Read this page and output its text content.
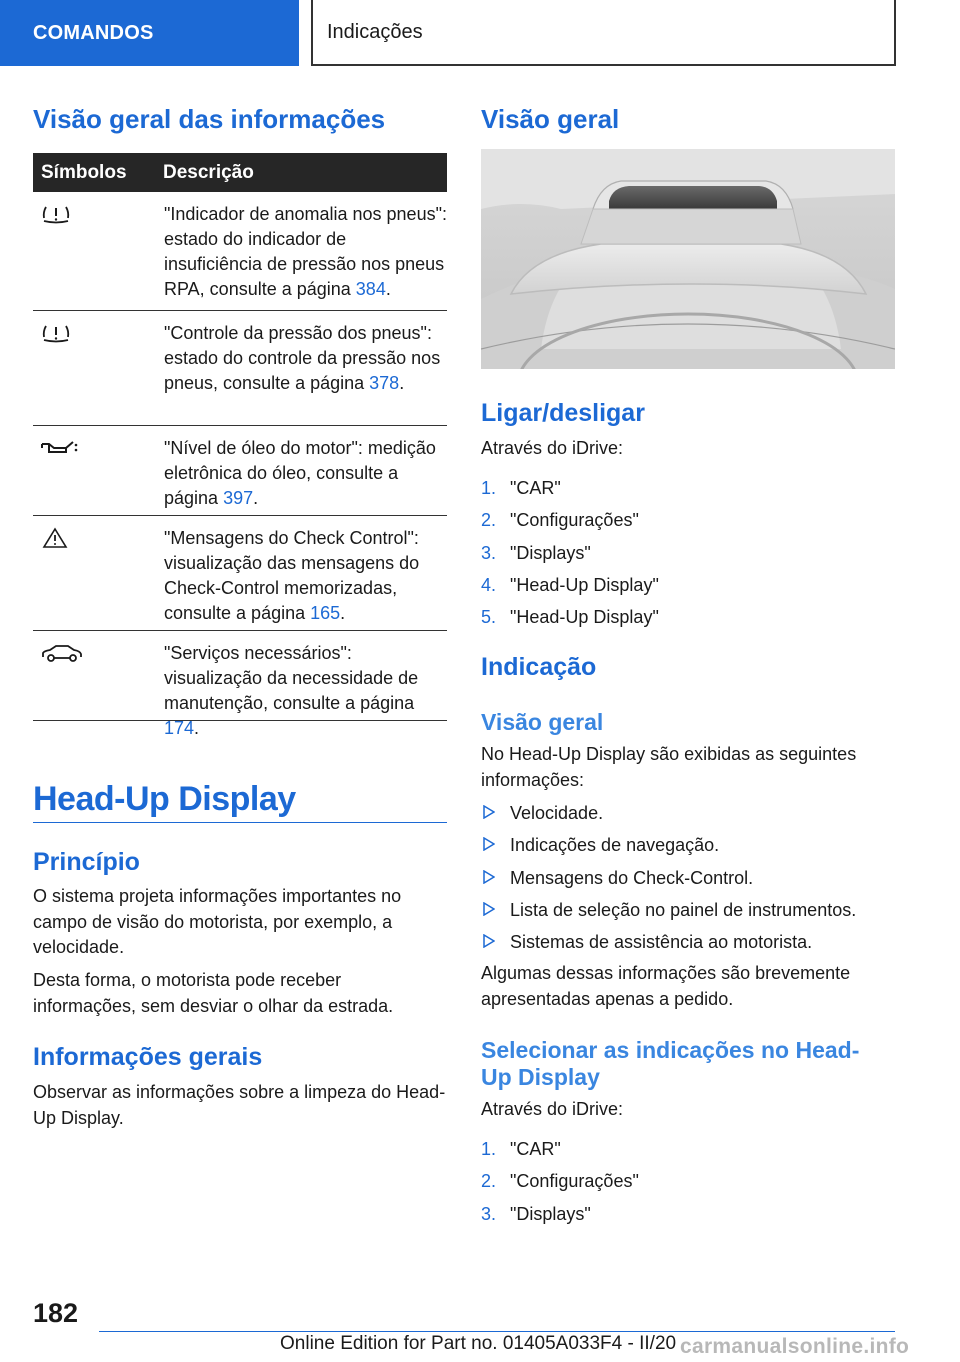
COMANDOS	Indicações
Visão geral das informações
Símbolos	Descrição
"Indicador de anomalia nos pneus": estado do indicador de insuficiência de pressão nos pneus RPA, consulte a página 384.
"Controle da pressão dos pneus": estado do controle da pressão nos pneus, consulte a página 378.
"Nível de óleo do motor": medição eletrônica do óleo, consulte a página 397.
"Mensagens do Check Control": visualização das mensagens do Check-Control memorizadas, consulte a página 165.
"Serviços necessários": visualização da necessidade de manutenção, consulte a página 174.
Head-Up Display
Princípio
O sistema projeta informações importantes no campo de visão do motorista, por exemplo, a velocidade.
Desta forma, o motorista pode receber informações, sem desviar o olhar da estrada.
Informações gerais
Observar as informações sobre a limpeza do Head-Up Display.
Visão geral
Ligar/desligar
Através do iDrive:
1. "CAR"
2. "Configurações"
3. "Displays"
4. "Head-Up Display"
5. "Head-Up Display"
Indicação
Visão geral
No Head-Up Display são exibidas as seguintes informações:
Velocidade.
Indicações de navegação.
Mensagens do Check-Control.
Lista de seleção no painel de instrumentos.
Sistemas de assistência ao motorista.
Algumas dessas informações são brevemente apresentadas apenas a pedido.
Selecionar as indicações no Head-Up Display
Através do iDrive:
1. "CAR"
2. "Configurações"
3. "Displays"
182
Online Edition for Part no. 01405A033F4 - II/20 carmanualsonline.info
